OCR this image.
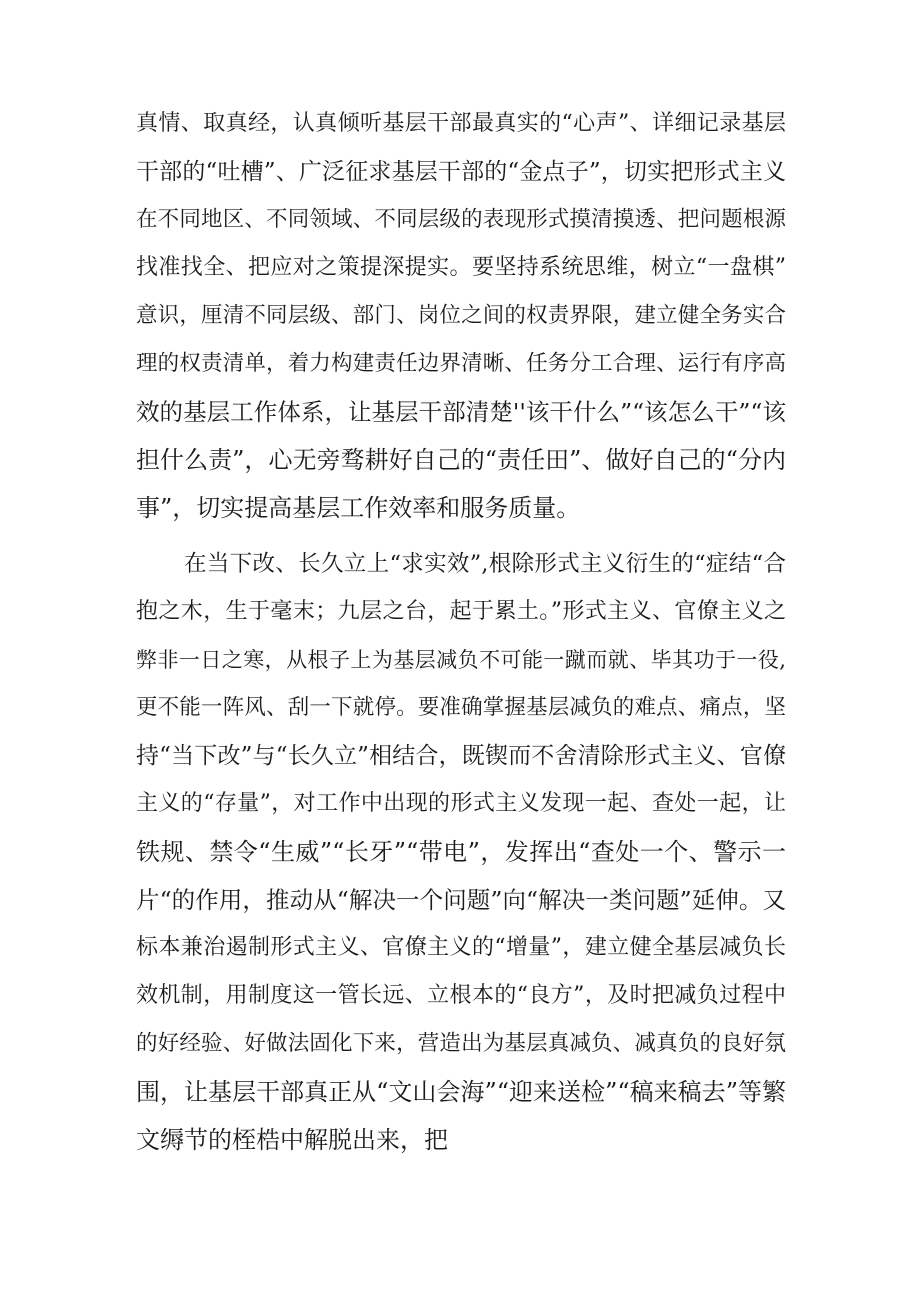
真情、取真经，认真倾听基层干部最真实的“心声”、详细记录基层
干部的“吐槽”、广泛征求基层干部的“金点子”，切实把形式主义
在不同地区、不同领域、不同层级的表现形式摸清摸透、把问题根源
找准找全、把应对之策提深提实。要坚持系统思维，树立“一盘棋”
意识，厘清不同层级、部门、岗位之间的权责界限，建立健全务实合
理的权责清单，着力构建责任边界清晰、任务分工合理、运行有序高
效的基层工作体系，让基层干部清楚''该干什么”“该怎么干”“该
担什么责”，心无旁骛耕好自己的“责任田”、做好自己的“分内
事”，切实提高基层工作效率和服务质量。
在当下改、长久立上“求实效”,根除形式主义衍生的“症结“合
抱之木，生于毫末；九层之台，起于累土。”形式主义、官僚主义之
弊非一日之寒，从根子上为基层减负不可能一蹴而就、毕其功于一役,
更不能一阵风、刮一下就停。要准确掌握基层减负的难点、痛点，坚
持“当下改”与“长久立”相结合，既锲而不舍清除形式主义、官僚
主义的“存量”，对工作中出现的形式主义发现一起、查处一起，让
铁规、禁令“生威”“长牙”“带电”，发挥出“查处一个、警示一
片“的作用，推动从“解决一个问题”向“解决一类问题”延伸。又
标本兼治遏制形式主义、官僚主义的“增量”，建立健全基层减负长
效机制，用制度这一管长远、立根本的“良方”，及时把减负过程中
的好经验、好做法固化下来，营造出为基层真减负、减真负的良好氛
围，让基层干部真正从“文山会海”“迎来送检”“稿来稿去”等繁
文缛节的桎梏中解脱出来，把
